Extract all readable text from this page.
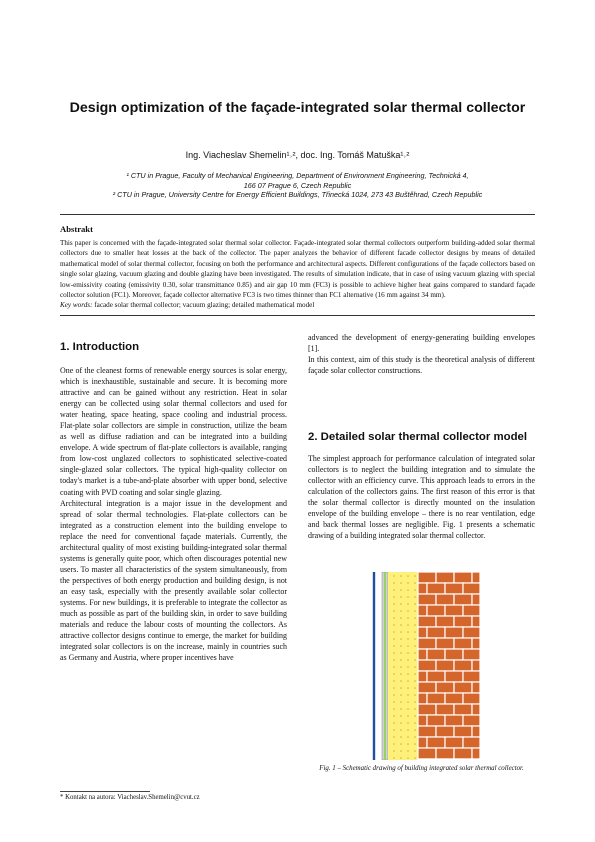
Design optimization of the façade-integrated solar thermal collector
Ing. Viacheslav Shemelin¹˒², doc. Ing. Tomáš Matuška¹˒²
¹ CTU in Prague, Faculty of Mechanical Engineering, Department of Environment Engineering, Technická 4,
166 07 Prague 6, Czech Republic
² CTU in Prague, University Centre for Energy Efficient Buildings, Třinecká 1024, 273 43 Buštěhrad, Czech Republic
Abstrakt
This paper is concerned with the façade-integrated solar thermal solar collector. Façade-integrated solar thermal collectors outperform building-added solar thermal collectors due to smaller heat losses at the back of the collector. The paper analyzes the behavior of different facade collector designs by means of detailed mathematical model of solar thermal collector, focusing on both the performance and architectural aspects. Different configurations of the façade collectors based on single solar glazing, vacuum glazing and double glazing have been investigated. The results of simulation indicate, that in case of using vacuum glazing with special low-emissivity coating (emissivity 0.30, solar transmittance 0.85) and air gap 10 mm (FC3) is possible to achieve higher heat gains compared to standard façade collector solution (FC1). Moreover, façade collector alternative FC3 is two times thinner than FC1 alternative (16 mm against 34 mm).
Key words: facade solar thermal collector; vacuum glazing; detailed mathematical model
1. Introduction

One of the cleanest forms of renewable energy sources is solar energy, which is inexhaustible, sustainable and secure. It is becoming more attractive and can be gained without any restriction. Heat in solar energy can be collected using solar thermal collectors and used for water heating, space heating, space cooling and industrial process. Flat-plate solar collectors are simple in construction, utilize the beam as well as diffuse radiation and can be integrated into a building envelope. A wide spectrum of flat-plate collectors is available, ranging from low-cost unglazed collectors to sophisticated selective-coated single-glazed solar collectors. The typical high-quality collector on today's market is a tube-and-plate absorber with upper bond, selective coating with PVD coating and solar single glazing.

Architectural integration is a major issue in the development and spread of solar thermal technologies. Flat-plate collectors can be integrated as a construction element into the building envelope to replace the need for conventional façade materials. Currently, the architectural quality of most existing building-integrated solar thermal systems is generally quite poor, which often discourages potential new users. To master all characteristics of the system simultaneously, from the perspectives of both energy production and building design, is not an easy task, especially with the presently available solar collector systems. For new buildings, it is preferable to integrate the collector as much as possible as part of the building skin, in order to save building materials and reduce the labour costs of mounting the collectors. As attractive collector designs continue to emerge, the market for building integrated solar collectors is on the increase, mainly in countries such as Germany and Austria, where proper incentives have

advanced the development of energy-generating building envelopes [1].

In this context, aim of this study is the theoretical analysis of different façade solar collector constructions.

2. Detailed solar thermal collector model

The simplest approach for performance calculation of integrated solar collectors is to neglect the building integration and to simulate the collector with an efficiency curve. This approach leads to errors in the calculation of the collectors gains. The first reason of this error is that the solar thermal collector is directly mounted on the insulation envelope of the building envelope – there is no rear ventilation, edge and back thermal losses are negligible. Fig. 1 presents a schematic drawing of a building integrated solar thermal collector.

Fig. 1 – Schematic drawing of building integrated solar thermal collector.
* Kontakt na autora: Viacheslav.Shemelin@cvut.cz
